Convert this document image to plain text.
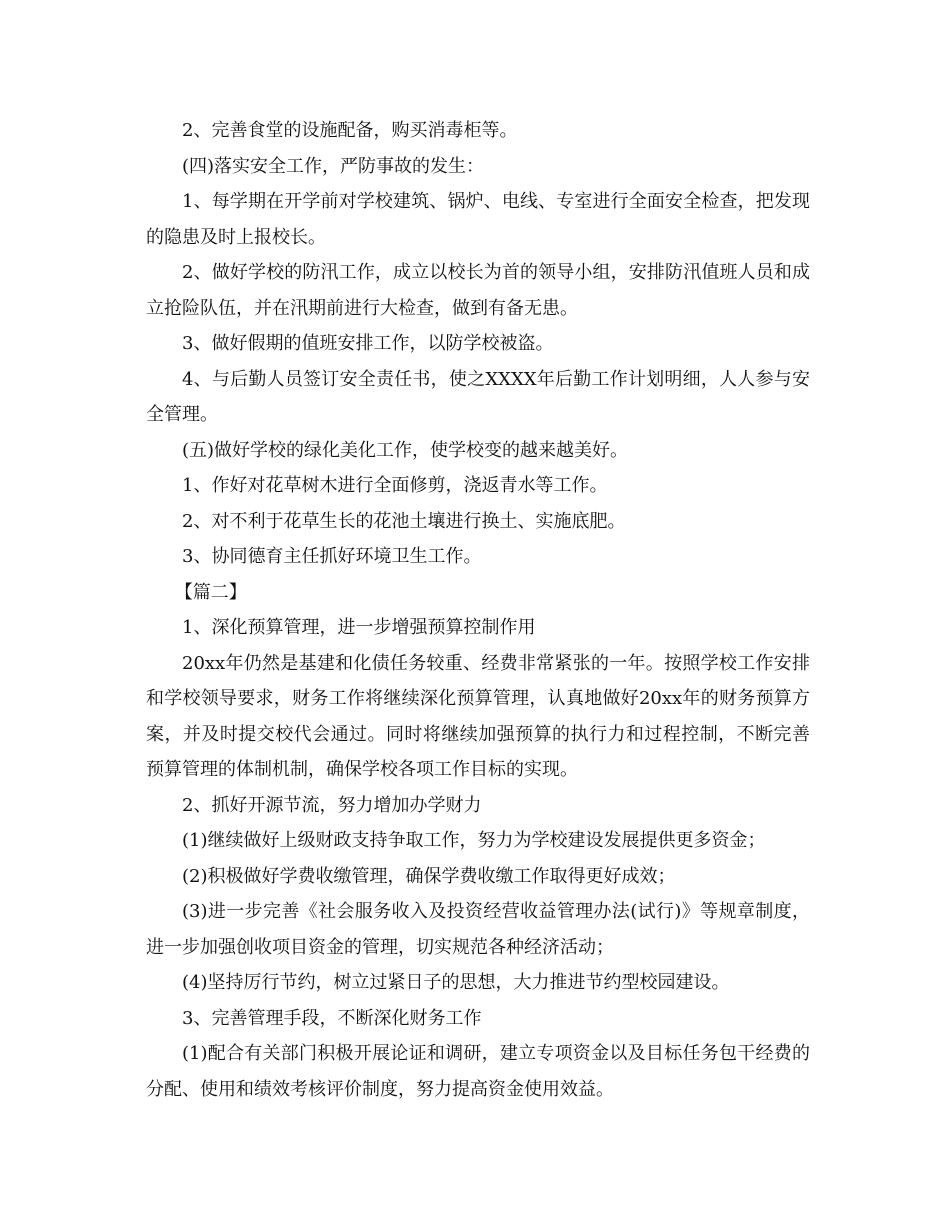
2、完善食堂的设施配备，购买消毒柜等。

(四)落实安全工作，严防事故的发生：

1、每学期在开学前对学校建筑、锅炉、电线、专室进行全面安全检查，把发现的隐患及时上报校长。

2、做好学校的防汛工作，成立以校长为首的领导小组，安排防汛值班人员和成立抢险队伍，并在汛期前进行大检查，做到有备无患。

3、做好假期的值班安排工作，以防学校被盗。

4、与后勤人员签订安全责任书，使之XXXX年后勤工作计划明细，人人参与安全管理。

(五)做好学校的绿化美化工作，使学校变的越来越美好。

1、作好对花草树木进行全面修剪，浇返青水等工作。

2、对不利于花草生长的花池土壤进行换土、实施底肥。

3、协同德育主任抓好环境卫生工作。

【篇二】

1、深化预算管理，进一步增强预算控制作用

20xx年仍然是基建和化债任务较重、经费非常紧张的一年。按照学校工作安排和学校领导要求，财务工作将继续深化预算管理，认真地做好20xx年的财务预算方案，并及时提交校代会通过。同时将继续加强预算的执行力和过程控制，不断完善预算管理的体制机制，确保学校各项工作目标的实现。

2、抓好开源节流，努力增加办学财力

(1)继续做好上级财政支持争取工作，努力为学校建设发展提供更多资金；

(2)积极做好学费收缴管理，确保学费收缴工作取得更好成效；

(3)进一步完善《社会服务收入及投资经营收益管理办法(试行)》等规章制度，进一步加强创收项目资金的管理，切实规范各种经济活动；

(4)坚持厉行节约，树立过紧日子的思想，大力推进节约型校园建设。

3、完善管理手段，不断深化财务工作

(1)配合有关部门积极开展论证和调研，建立专项资金以及目标任务包干经费的分配、使用和绩效考核评价制度，努力提高资金使用效益。
